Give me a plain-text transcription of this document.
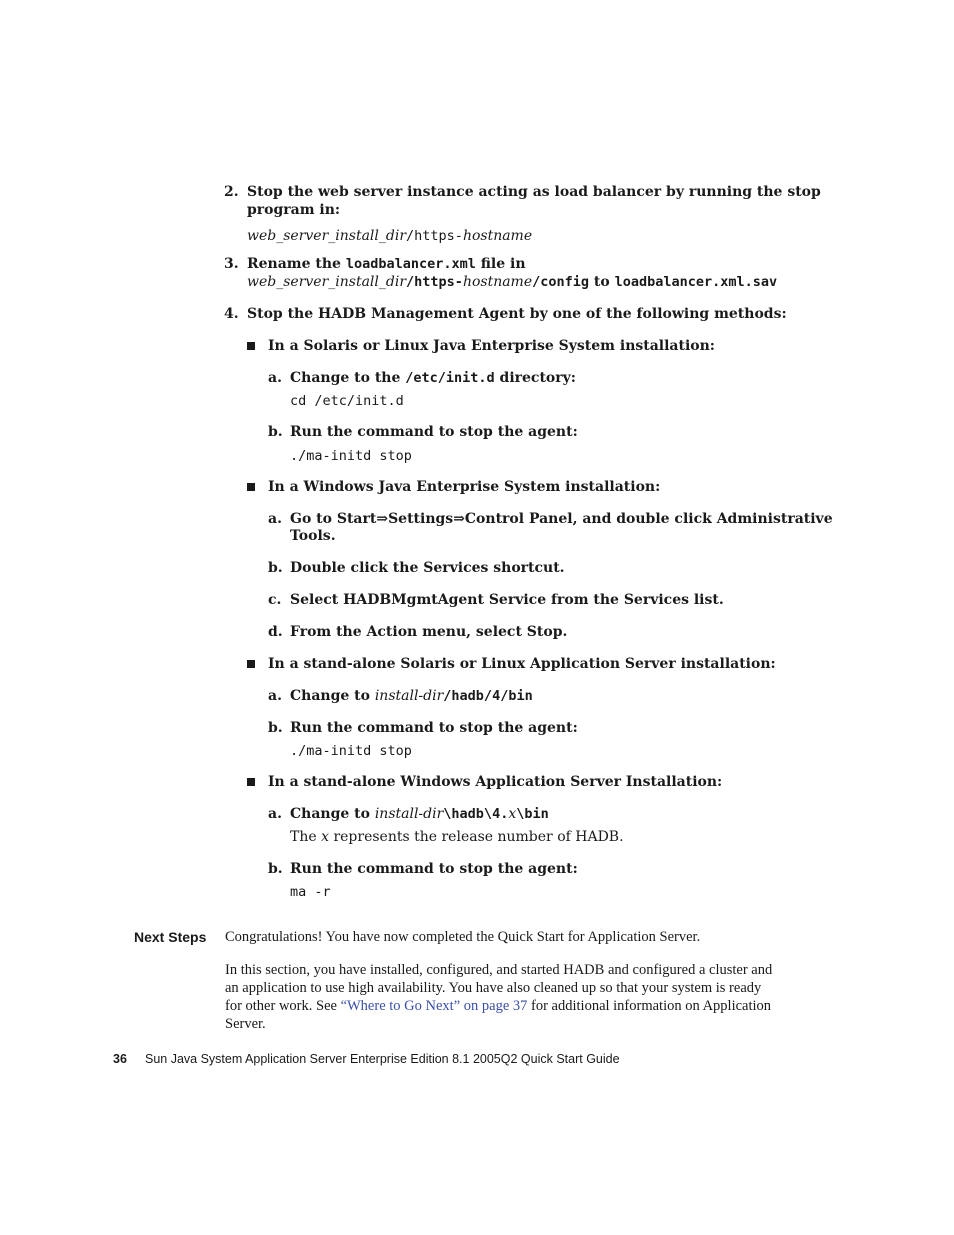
2. Stop the web server instance acting as load balancer by running the stop
program in:
web_server_install_dir/https-hostname
3. Rename the loadbalancer.xml file in
web_server_install_dir/https-hostname/config to loadbalancer.xml.sav
4. Stop the HADB Management Agent by one of the following methods:
In a Solaris or Linux Java Enterprise System installation:
a. Change to the /etc/init.d directory:
cd /etc/init.d
b. Run the command to stop the agent:
./ma-initd stop
In a Windows Java Enterprise System installation:
a. Go to Start⇒Settings⇒Control Panel, and double click Administrative
Tools.
b. Double click the Services shortcut.
c. Select HADBMgmtAgent Service from the Services list.
d. From the Action menu, select Stop.
In a stand-alone Solaris or Linux Application Server installation:
a. Change to install-dir/hadb/4/bin
b. Run the command to stop the agent:
./ma-initd stop
In a stand-alone Windows Application Server Installation:
a. Change to install-dir\hadb\4.x\bin
The x represents the release number of HADB.
b. Run the command to stop the agent:
ma -r
Next Steps Congratulations! You have now completed the Quick Start for Application Server.
In this section, you have installed, configured, and started HADB and configured a cluster and an application to use high availability. You have also cleaned up so that your system is ready for other work. See “Where to Go Next” on page 37 for additional information on Application Server.
36 Sun Java System Application Server Enterprise Edition 8.1 2005Q2 Quick Start Guide
